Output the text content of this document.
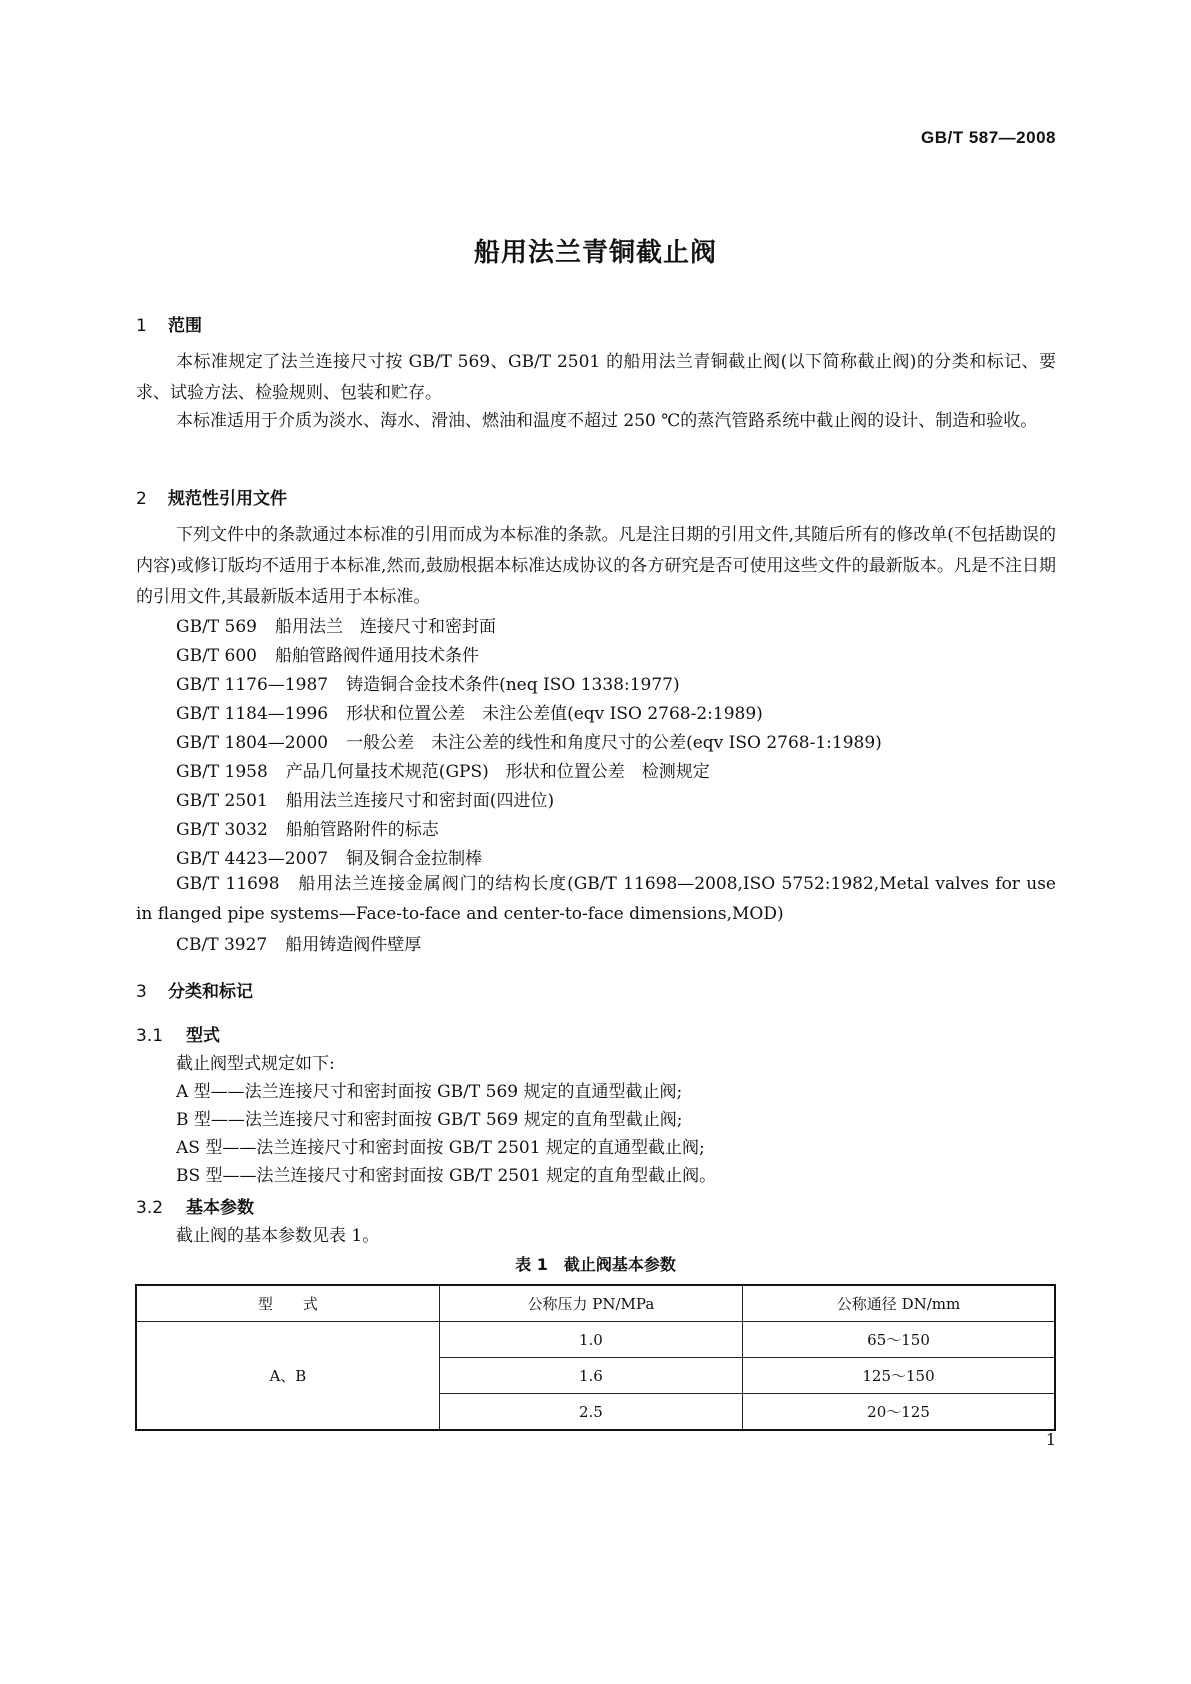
GB/T 587—2008
船用法兰青铜截止阀
1 范围
本标准规定了法兰连接尺寸按 GB/T 569、GB/T 2501 的船用法兰青铜截止阀(以下简称截止阀)的分类和标记、要求、试验方法、检验规则、包装和贮存。
本标准适用于介质为淡水、海水、滑油、燃油和温度不超过 250 ℃的蒸汽管路系统中截止阀的设计、制造和验收。
2 规范性引用文件
下列文件中的条款通过本标准的引用而成为本标准的条款。凡是注日期的引用文件,其随后所有的修改单(不包括勘误的内容)或修订版均不适用于本标准,然而,鼓励根据本标准达成协议的各方研究是否可使用这些文件的最新版本。凡是不注日期的引用文件,其最新版本适用于本标准。
GB/T 569 船用法兰　连接尺寸和密封面
GB/T 600 船舶管路阀件通用技术条件
GB/T 1176—1987 铸造铜合金技术条件(neq ISO 1338:1977)
GB/T 1184—1996 形状和位置公差　未注公差值(eqv ISO 2768-2:1989)
GB/T 1804—2000 一般公差　未注公差的线性和角度尺寸的公差(eqv ISO 2768-1:1989)
GB/T 1958 产品几何量技术规范(GPS)　形状和位置公差　检测规定
GB/T 2501 船用法兰连接尺寸和密封面(四进位)
GB/T 3032 船舶管路附件的标志
GB/T 4423—2007 铜及铜合金拉制棒
GB/T 11698　船用法兰连接金属阀门的结构长度(GB/T 11698—2008,ISO 5752:1982,Metal valves for use in flanged pipe systems—Face-to-face and center-to-face dimensions,MOD)
CB/T 3927 船用铸造阀件壁厚
3 分类和标记
3.1 型式
截止阀型式规定如下:
A 型——法兰连接尺寸和密封面按 GB/T 569 规定的直通型截止阀;
B 型——法兰连接尺寸和密封面按 GB/T 569 规定的直角型截止阀;
AS 型——法兰连接尺寸和密封面按 GB/T 2501 规定的直通型截止阀;
BS 型——法兰连接尺寸和密封面按 GB/T 2501 规定的直角型截止阀。
3.2 基本参数
截止阀的基本参数见表 1。
表 1　截止阀基本参数
型　　式	公称压力 PN/MPa	公称通径 DN/mm
A、B	1.0	65～150
	1.6	125～150
	2.5	20～125
1
